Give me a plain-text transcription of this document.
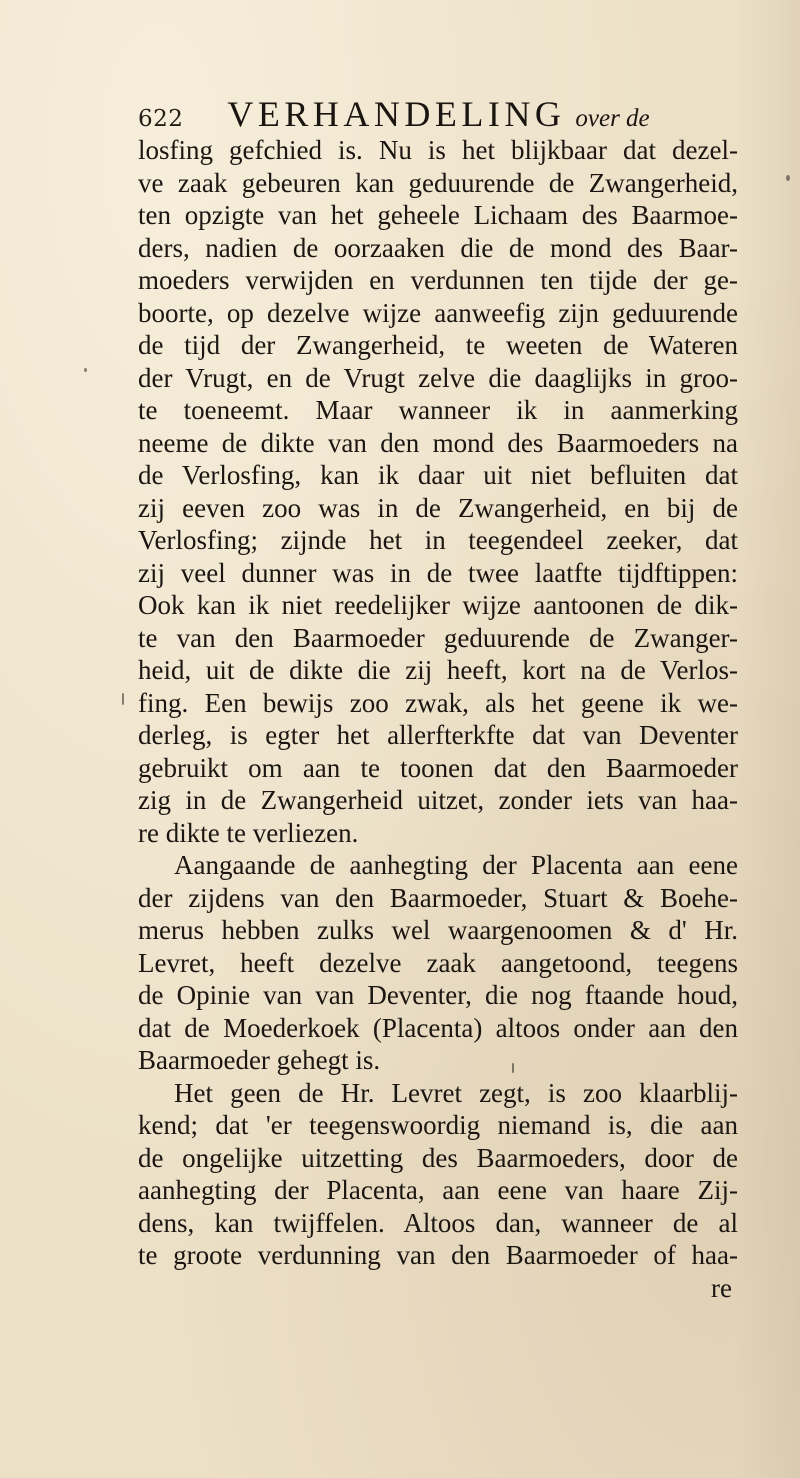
622 VERHANDELING over de
losfing gefchied is. Nu is het blijkbaar dat dezel-
ve zaak gebeuren kan geduurende de Zwangerheid,
ten opzigte van het geheele Lichaam des Baarmoe-
ders, nadien de oorzaaken die de mond des Baar-
moeders verwijden en verdunnen ten tijde der ge-
boorte, op dezelve wijze aanweefig zijn geduurende
de tijd der Zwangerheid, te weeten de Wateren
der Vrugt, en de Vrugt zelve die daaglijks in groo-
te toeneemt. Maar wanneer ik in aanmerking
neeme de dikte van den mond des Baarmoeders na
de Verlosfing, kan ik daar uit niet befluiten dat
zij eeven zoo was in de Zwangerheid, en bij de
Verlosfing; zijnde het in teegendeel zeeker, dat
zij veel dunner was in de twee laatfte tijdftippen:
Ook kan ik niet reedelijker wijze aantoonen de dik-
te van den Baarmoeder geduurende de Zwanger-
heid, uit de dikte die zij heeft, kort na de Verlos-
fing. Een bewijs zoo zwak, als het geene ik we-
derleg, is egter het allerfterkfte dat van Deventer
gebruikt om aan te toonen dat den Baarmoeder
zig in de Zwangerheid uitzet, zonder iets van haa-
re dikte te verliezen.
Aangaande de aanhegting der Placenta aan eene
der zijdens van den Baarmoeder, Stuart & Boehe-
merus hebben zulks wel waargenoomen & d' Hr.
Levret, heeft dezelve zaak aangetoond, teegens
de Opinie van van Deventer, die nog ftaande houd,
dat de Moederkoek (Placenta) altoos onder aan den
Baarmoeder gehegt is.
Het geen de Hr. Levret zegt, is zoo klaarblij-
kend; dat 'er teegenswoordig niemand is, die aan
de ongelijke uitzetting des Baarmoeders, door de
aanhegting der Placenta, aan eene van haare Zij-
dens, kan twijffelen. Altoos dan, wanneer de al
te groote verdunning van den Baarmoeder of haa-
re
